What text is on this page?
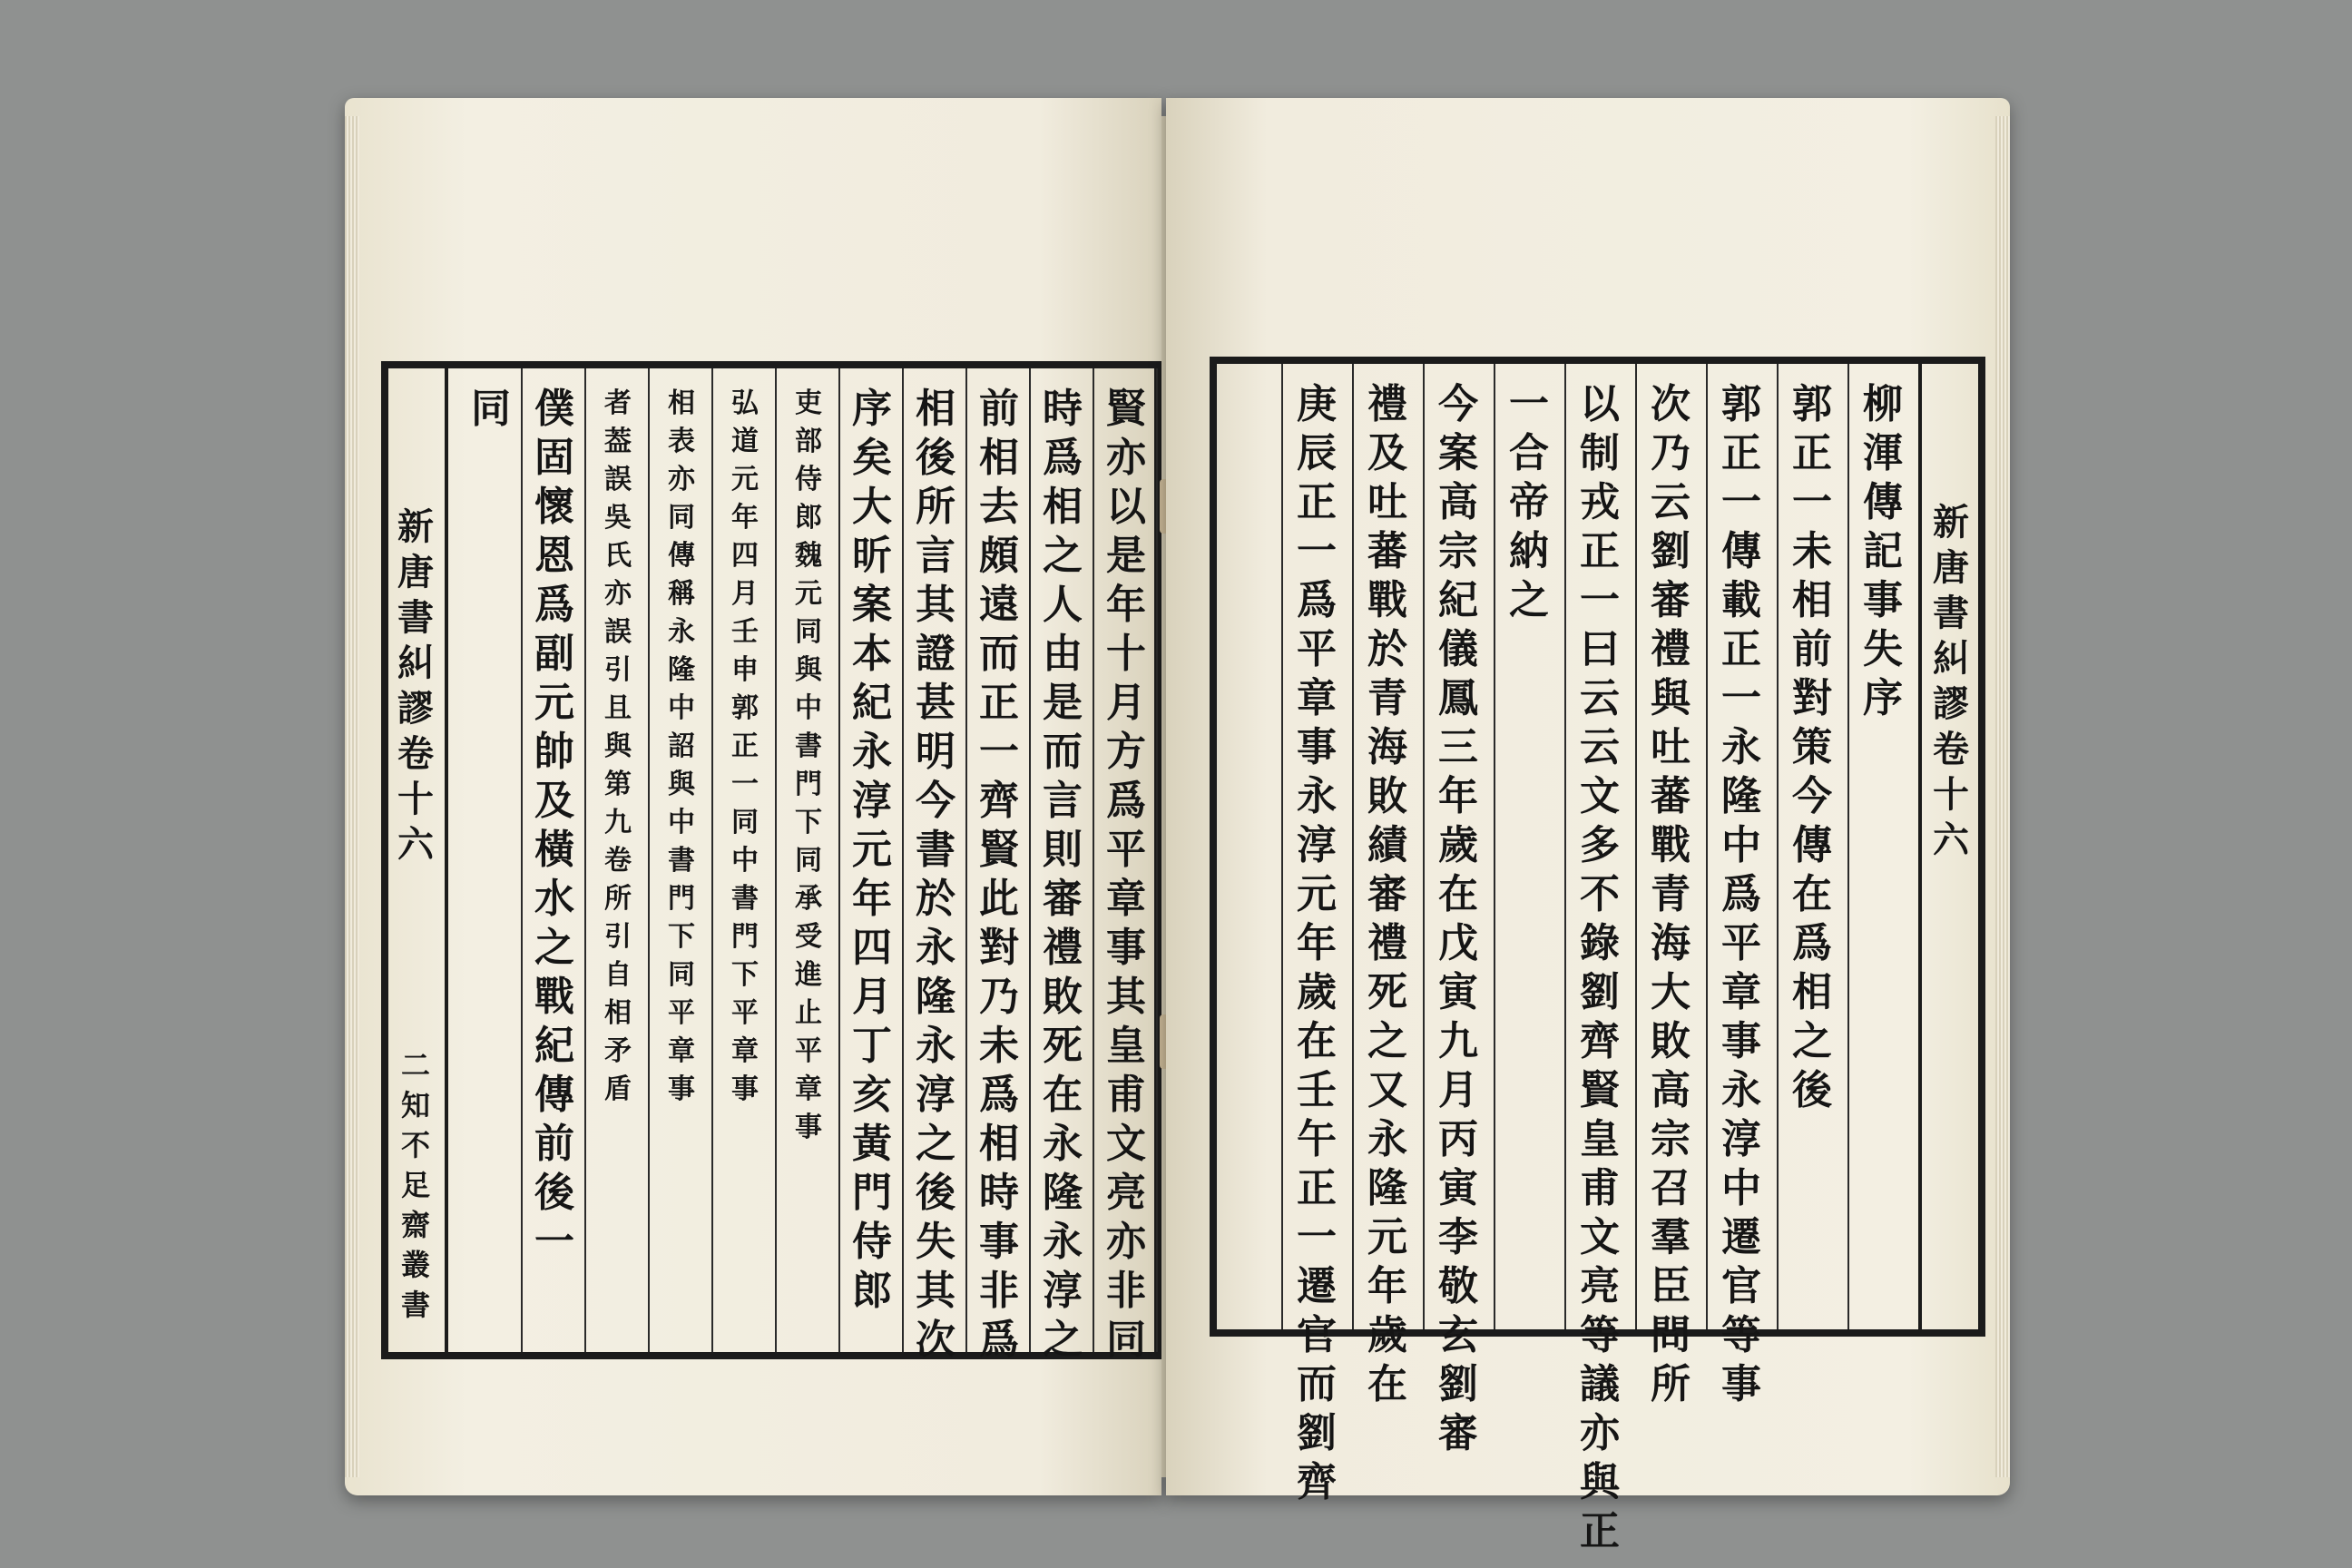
新
唐
書
糾
謬
卷
十
六
二
知
不
足
齋
叢
書
同 僕
固
懷
恩
爲
副
元
帥
及
橫
水
之
戰
紀
傳
前
後
一
者
葢
誤
吳
氏
亦
誤
引
且
與
第
九
卷
所
引
自
相
矛
盾
相
表
亦
同
傳
稱
永
隆
中
詔
與
中
書
門
下
同
平
章
事
弘
道
元
年
四
月
壬
申
郭
正
一
同
中
書
門
下
平
章
事
吏
部
侍
郎
魏
元
同
與
中
書
門
下
同
承
受
進
止
平
章
事
序
矣
大
昕
案
本
紀
永
淳
元
年
四
月
丁
亥
黃
門
侍
郎
相
後
所
言
其
證
甚
明
今
書
於
永
隆
永
淳
之
後
失
其
次
前
相
去
頗
遠
而
正
一
齊
賢
此
對
乃
未
爲
相
時
事
非
爲
時
爲
相
之
人
由
是
而
言
則
審
禮
敗
死
在
永
隆
永
淳
之
賢
亦
以
是
年
十
月
方
爲
平
章
事
其
皇
甫
文
亮
亦
非
同
柳
渾
傳
記
事
失
序
郭
正
一
未
相
前
對
策
今
傳
在
爲
相
之
後
郭
正
一
傳
載
正
一
永
隆
中
爲
平
章
事
永
淳
中
遷
官
等
事
次
乃
云
劉
審
禮
與
吐
蕃
戰
青
海
大
敗
高
宗
召
羣
臣
問
所
以
制
戎
正
一
曰
云
云
文
多
不
錄
劉
齊
賢
皇
甫
文
亮
等
議
亦
與
正
一
合
帝
納
之
今
案
高
宗
紀
儀
鳳
三
年
歲
在
戊
寅
九
月
丙
寅
李
敬
玄
劉
審
禮
及
吐
蕃
戰
於
青
海
敗
績
審
禮
死
之
又
永
隆
元
年
歲
在
庚
辰
正
一
爲
平
章
事
永
淳
元
年
歲
在
壬
午
正
一
遷
官
而
劉
齊
新
唐
書
糾
謬
卷
十
六
